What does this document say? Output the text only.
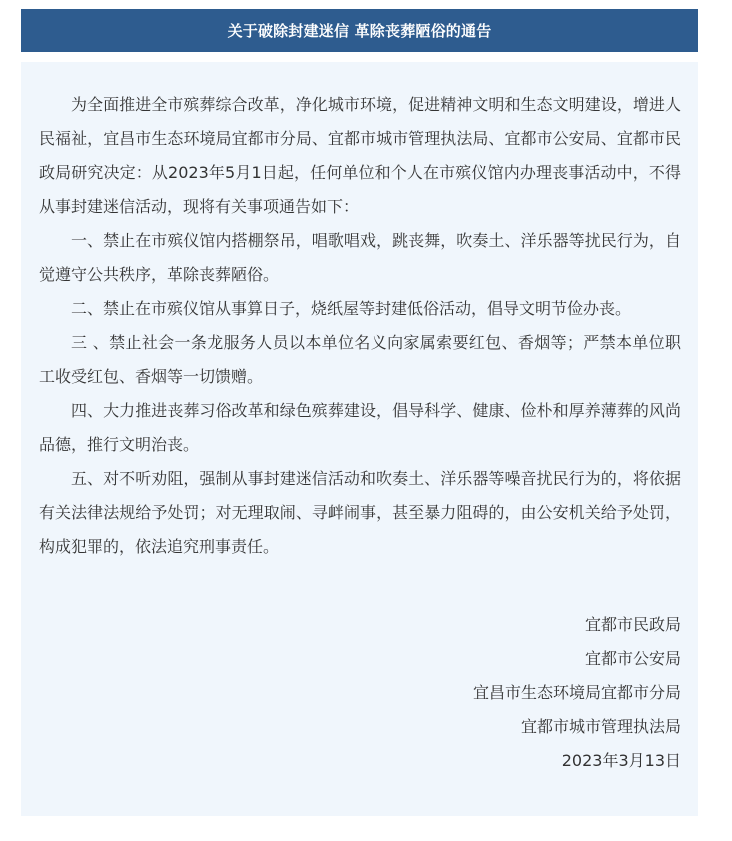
关于破除封建迷信 革除丧葬陋俗的通告

为全面推进全市殡葬综合改革，净化城市环境，促进精神文明和生态文明建设，增进人民福祉，宜昌市生态环境局宜都市分局、宜都市城市管理执法局、宜都市公安局、宜都市民政局研究决定：从2023年5月1日起，任何单位和个人在市殡仪馆内办理丧事活动中，不得从事封建迷信活动，现将有关事项通告如下：

一、禁止在市殡仪馆内搭棚祭吊，唱歌唱戏，跳丧舞，吹奏土、洋乐器等扰民行为，自觉遵守公共秩序，革除丧葬陋俗。

二、禁止在市殡仪馆从事算日子，烧纸屋等封建低俗活动，倡导文明节俭办丧。

三 、禁止社会一条龙服务人员以本单位名义向家属索要红包、香烟等；严禁本单位职工收受红包、香烟等一切馈赠。

四、大力推进丧葬习俗改革和绿色殡葬建设，倡导科学、健康、俭朴和厚养薄葬的风尚品德，推行文明治丧。

五、对不听劝阻，强制从事封建迷信活动和吹奏土、洋乐器等噪音扰民行为的，将依据有关法律法规给予处罚；对无理取闹、寻衅闹事，甚至暴力阻碍的，由公安机关给予处罚，构成犯罪的，依法追究刑事责任。

宜都市民政局
宜都市公安局
宜昌市生态环境局宜都市分局
宜都市城市管理执法局
2023年3月13日
